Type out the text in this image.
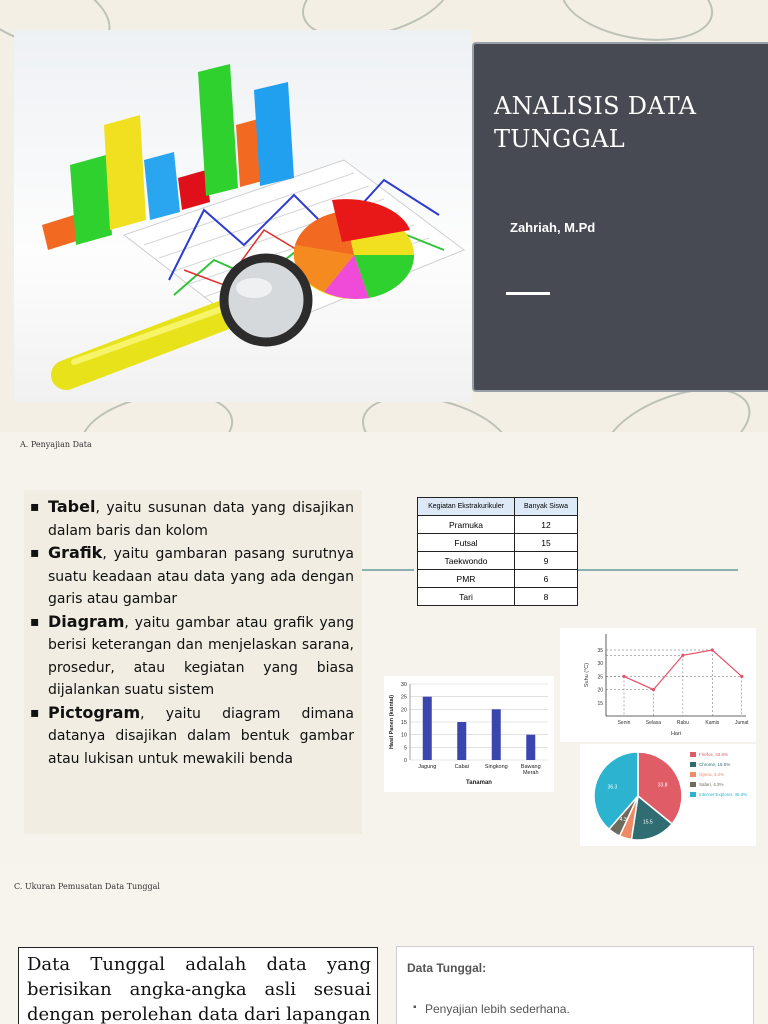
ANALISIS DATA TUNGGAL
Zahriah, M.Pd
A. Penyajian Data

▪ Tabel, yaitu susunan data yang disajikan dalam baris dan kolom

▪ Grafik, yaitu gambaran pasang surutnya suatu keadaan atau data yang ada dengan garis atau gambar

▪ Diagram, yaitu gambar atau grafik yang berisi keterangan dan menjelaskan sarana, prosedur, atau kegiatan yang biasa dijalankan suatu sistem

▪ Pictogram, yaitu diagram dimana datanya disajikan dalam bentuk gambar atau lukisan untuk mewakili benda

Kegiatan Ekstrakurikuler	Banyak Siswa
Pramuka	12
Futsal	15
Taekwondo	9
PMR	6
Tari	8
0
5
10
15
20
25
30
Jagung	Cabai	Singkong Bawang
Merah
Tanaman
Hasil Panen (kuintal)	15
20
25
30
35
Senin	Selasa	Rabu	Kamis	Jumat
Hari
Suhu (°C)
33.8
15.5
4.3
36.3
Firefox, 33.8%
Chrome, 15.5%
Opera, 4.2%
Safari, 4.3%
Internet Explorer, 36.3%
C. Ukuran Pemusatan Data Tunggal
Data Tunggal adalah data yang berisikan angka-angka asli sesuai dengan perolehan data dari lapangan
Data Tunggal:
▪ Penyajian lebih sederhana.
